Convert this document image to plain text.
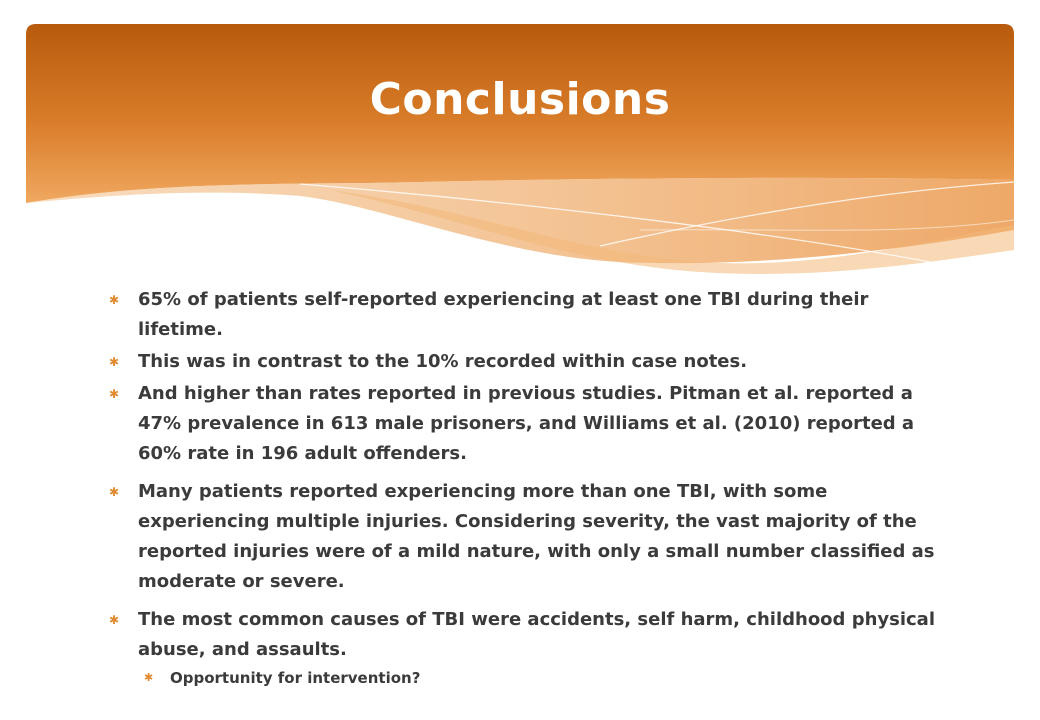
Conclusions
✱ 65% of patients self-reported experiencing at least one TBI during their lifetime.
✱ This was in contrast to the 10% recorded within case notes.
✱ And higher than rates reported in previous studies. Pitman et al. reported a 47% prevalence in 613 male prisoners, and Williams et al. (2010) reported a 60% rate in 196 adult offenders.
✱ Many patients reported experiencing more than one TBI, with some experiencing multiple injuries. Considering severity, the vast majority of the reported injuries were of a mild nature, with only a small number classified as moderate or severe.
✱ The most common causes of TBI were accidents, self harm, childhood physical abuse, and assaults.
✱ Opportunity for intervention?
